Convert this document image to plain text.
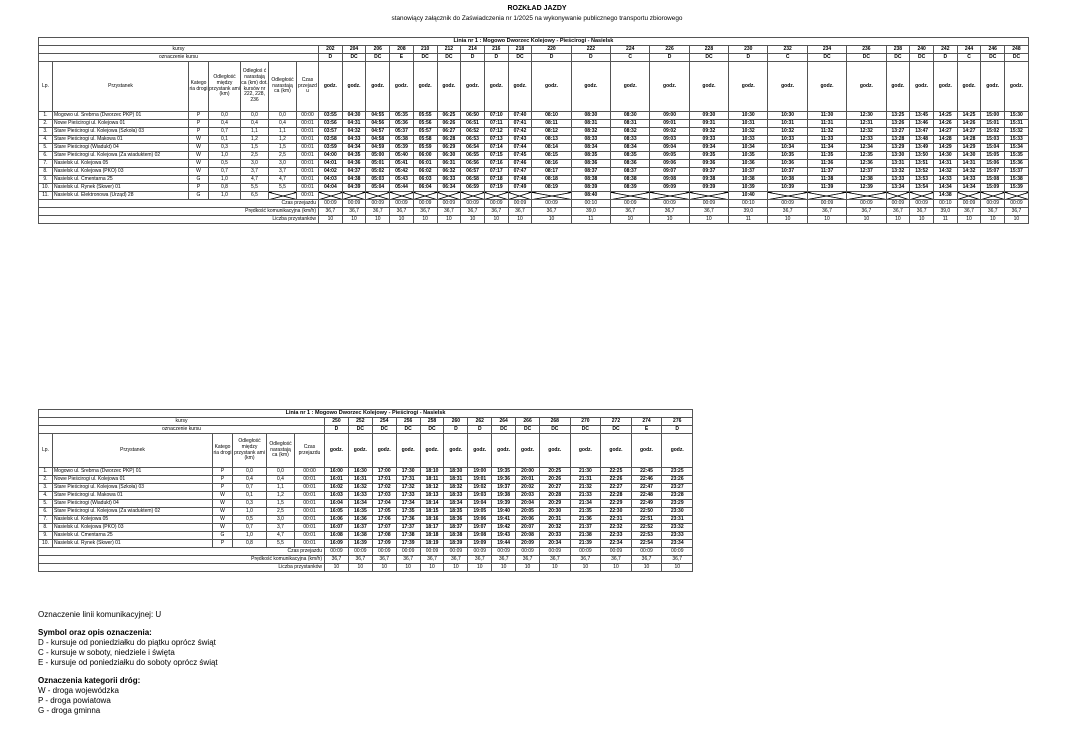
ROZKŁAD JAZDY
stanowiący załącznik do Zaświadczenia nr 1/2025 na wykonywanie publicznego transportu zbiorowego
Linia nr 1 : Mogowo Dworzec Kolejowy - Pieścirogi - Nasielsk																														
kursy							202	204	206	208	210	212	214	216	218	220	222	224	226	228	230	232	234	236	238	240	242	244	246	248
oznaczenie kursu							D	DC	DC	E	DC	DC	D	D	DC	D	D	C	D	DC	D	C	DC	DC	DC	DC	D	C	DC	DC
Lp.	Przystanek	Katego ria drogi	Odległość między przystank ami (km)	Odległoś ć narastają ca (km) dot. kursów nr 222, 228, 236	Odległość narastają ca (km)	Czas przejazd u	godz.	godz.	godz.	godz.	godz.	godz.	godz.	godz.	godz.	godz.	godz.	godz.	godz.	godz.	godz.	godz.	godz.	godz.	godz.	godz.	godz.	godz.	godz.	godz.
1.	Mogowo ul. Srebrna (Dworzec PKP) 01	P	0,0	0,0	0,0	00:00	03:55	04:30	04:55	05:35	05:55	06:25	06:50	07:10	07:40	08:10	08:30	08:30	09:00	09:30	10:30	10:30	11:30	12:30	13:25	13:45	14:25	14:25	15:00	15:30
2.	Nowe Pieścirogi ul. Kolejowa 01	P	0,4	0,4	0,4	00:01	03:56	04:31	04:56	05:36	05:56	06:26	06:51	07:11	07:41	08:11	08:31	08:31	09:01	09:31	10:31	10:31	11:31	12:31	13:26	13:46	14:26	14:26	15:01	15:31
3.	Stare Pieścirogi ul. Kolejowa (Szkoła) 03	P	0,7	1,1	1,1	00:01	03:57	04:32	04:57	05:37	05:57	06:27	06:52	07:12	07:42	08:12	08:32	08:32	09:02	09:32	10:32	10:32	11:32	12:32	13:27	13:47	14:27	14:27	15:02	15:32
4.	Stare Pieścirogi ul. Makowa 01	W	0,1	1,2	1,2	00:01	03:58	04:33	04:58	05:38	05:58	06:28	06:53	07:13	07:43	08:13	08:33	08:33	09:03	09:33	10:33	10:33	11:33	12:33	13:28	13:48	14:28	14:28	15:03	15:33
5.	Stare Pieścirogi (Wiadukt) 04	W	0,3	1,5	1,5	00:01	03:59	04:34	04:59	05:39	05:59	06:29	06:54	07:14	07:44	08:14	08:34	08:34	09:04	09:34	10:34	10:34	11:34	12:34	13:29	13:49	14:29	14:29	15:04	15:34
6.	Stare Pieścirogi ul. Kolejowa (Za wiaduktem) 02	W	1,0	2,5	2,5	00:01	04:00	04:35	05:00	05:40	06:00	06:30	06:55	07:15	07:45	08:15	08:35	08:35	09:05	09:35	10:35	10:35	11:35	12:35	13:30	13:50	14:30	14:30	15:05	15:35
7.	Nasielsk ul. Kolejowa 05	W	0,5	3,0	3,0	00:01	04:01	04:36	05:01	05:41	06:01	06:31	06:56	07:16	07:46	08:16	08:36	08:36	09:06	09:36	10:36	10:36	11:36	12:36	13:31	13:51	14:31	14:31	15:06	15:36
8.	Nasielsk ul. Kolejowa (PKO) 03	W	0,7	3,7	3,7	00:01	04:02	04:37	05:02	05:42	06:02	06:32	06:57	07:17	07:47	08:17	08:37	08:37	09:07	09:37	10:37	10:37	11:37	12:37	13:32	13:52	14:32	14:32	15:07	15:37
9.	Nasielsk ul. Cmentarna 25	G	1,0	4,7	4,7	00:01	04:03	04:38	05:03	05:43	06:03	06:33	06:58	07:18	07:48	08:18	08:38	08:38	09:08	09:38	10:38	10:38	11:38	12:38	13:33	13:53	14:33	14:33	15:08	15:38
10.	Nasielsk ul. Rynek (Skwer) 01	P	0,8	5,5	5,5	00:01	04:04	04:39	05:04	05:44	06:04	06:34	06:59	07:19	07:49	08:19	08:39	08:39	09:09	09:39	10:39	10:39	11:39	12:39	13:34	13:54	14:34	14:34	15:09	15:39
11.	Nasielsk ul. Elektronowa (Urząd) 28	G	1,0	6,5		00:01											08:40				10:40						14:38			
Czas przejazdu							00:09	00:09	00:09	00:09	00:09	00:09	00:09	00:09	00:09	00:09	00:10	00:09	00:09	00:09	00:10	00:09	00:09	00:09	00:09	00:09	00:10	00:09	00:09	00:09
Prędkość komunikacyjna (km/h)							36,7	36,7	36,7	36,7	36,7	36,7	36,7	36,7	36,7	36,7	39,0	36,7	36,7	36,7	39,0	36,7	36,7	36,7	36,7	36,7	39,0	36,7	36,7	36,7
Liczba przystanków							10	10	10	10	10	10	10	10	10	10	11	10	10	10	11	10	10	10	10	10	11	10	10	10
Linia nr 1 : Mogowo Dworzec Kolejowy - Pieścirogi - Nasielsk																			
kursy						250	252	254	256	258	260	262	264	266	268	270	272	274	276
oznaczenie kursu						D	DC	DC	DC	DC	D	D	DC	DC	DC	DC	DC	E	D
Lp.	Przystanek	Katego ria drogi	Odległość między przystank ami (km)	Odległość narastają ca (km)	Czas przejazdu	godz.	godz.	godz.	godz.	godz.	godz.	godz.	godz.	godz.	godz.	godz.	godz.	godz.	godz.
1.	Mogowo ul. Srebrna (Dworzec PKP) 01	P	0,0	0,0	00:00	16:00	16:30	17:00	17:30	18:10	18:30	19:00	19:35	20:00	20:25	21:30	22:25	22:45	23:25
2.	Nowe Pieścirogi ul. Kolejowa 01	P	0,4	0,4	00:01	16:01	16:31	17:01	17:31	18:11	18:31	19:01	19:36	20:01	20:26	21:31	22:26	22:46	23:26
3.	Stare Pieścirogi ul. Kolejowa (Szkoła) 03	P	0,7	1,1	00:01	16:02	16:32	17:02	17:32	18:12	18:32	19:02	19:37	20:02	20:27	21:32	22:27	22:47	23:27
4.	Stare Pieścirogi ul. Makowa 01	W	0,1	1,2	00:01	16:03	16:33	17:03	17:33	18:13	18:33	19:03	19:38	20:03	20:28	21:33	22:28	22:48	23:28
5.	Stare Pieścirogi (Wiadukt) 04	W	0,3	1,5	00:01	16:04	16:34	17:04	17:34	18:14	18:34	19:04	19:39	20:04	20:29	21:34	22:29	22:49	23:29
6.	Stare Pieścirogi ul. Kolejowa (Za wiaduktem) 02	W	1,0	2,5	00:01	16:05	16:35	17:05	17:35	18:15	18:35	19:05	19:40	20:05	20:30	21:35	22:30	22:50	23:30
7.	Nasielsk ul. Kolejowa 05	W	0,5	3,0	00:01	16:06	16:36	17:06	17:36	18:16	18:36	19:06	19:41	20:06	20:31	21:36	22:31	22:51	23:31
8.	Nasielsk ul. Kolejowa (PKO) 03	W	0,7	3,7	00:01	16:07	16:37	17:07	17:37	18:17	18:37	19:07	19:42	20:07	20:32	21:37	22:32	22:52	23:32
9.	Nasielsk ul. Cmentarna 25	G	1,0	4,7	00:01	16:08	16:38	17:08	17:38	18:18	18:38	19:08	19:43	20:08	20:33	21:38	22:33	22:53	23:33
10.	Nasielsk ul. Rynek (Skwer) 01	P	0,8	5,5	00:01	16:09	16:39	17:09	17:39	18:19	18:39	19:09	19:44	20:09	20:34	21:39	22:34	22:54	23:34
Czas przejazdu						00:09	00:09	00:09	00:09	00:09	00:09	00:09	00:09	00:09	00:09	00:09	00:09	00:09	00:09
Prędkość komunikacyjna (km/h)						36,7	36,7	36,7	36,7	36,7	36,7	36,7	36,7	36,7	36,7	36,7	36,7	36,7	36,7
Liczba przystanków						10	10	10	10	10	10	10	10	10	10	10	10	10	10
Oznaczenie linii komunikacyjnej: U
Symbol oraz opis oznaczenia:
D - kursuje od poniedziałku do piątku oprócz świąt
C - kursuje w soboty, niedziele i święta
E - kursuje od poniedziałku do soboty oprócz świąt
Oznaczenia kategorii dróg:
W - droga wojewódzka
P - droga powiatowa
G - droga gminna
